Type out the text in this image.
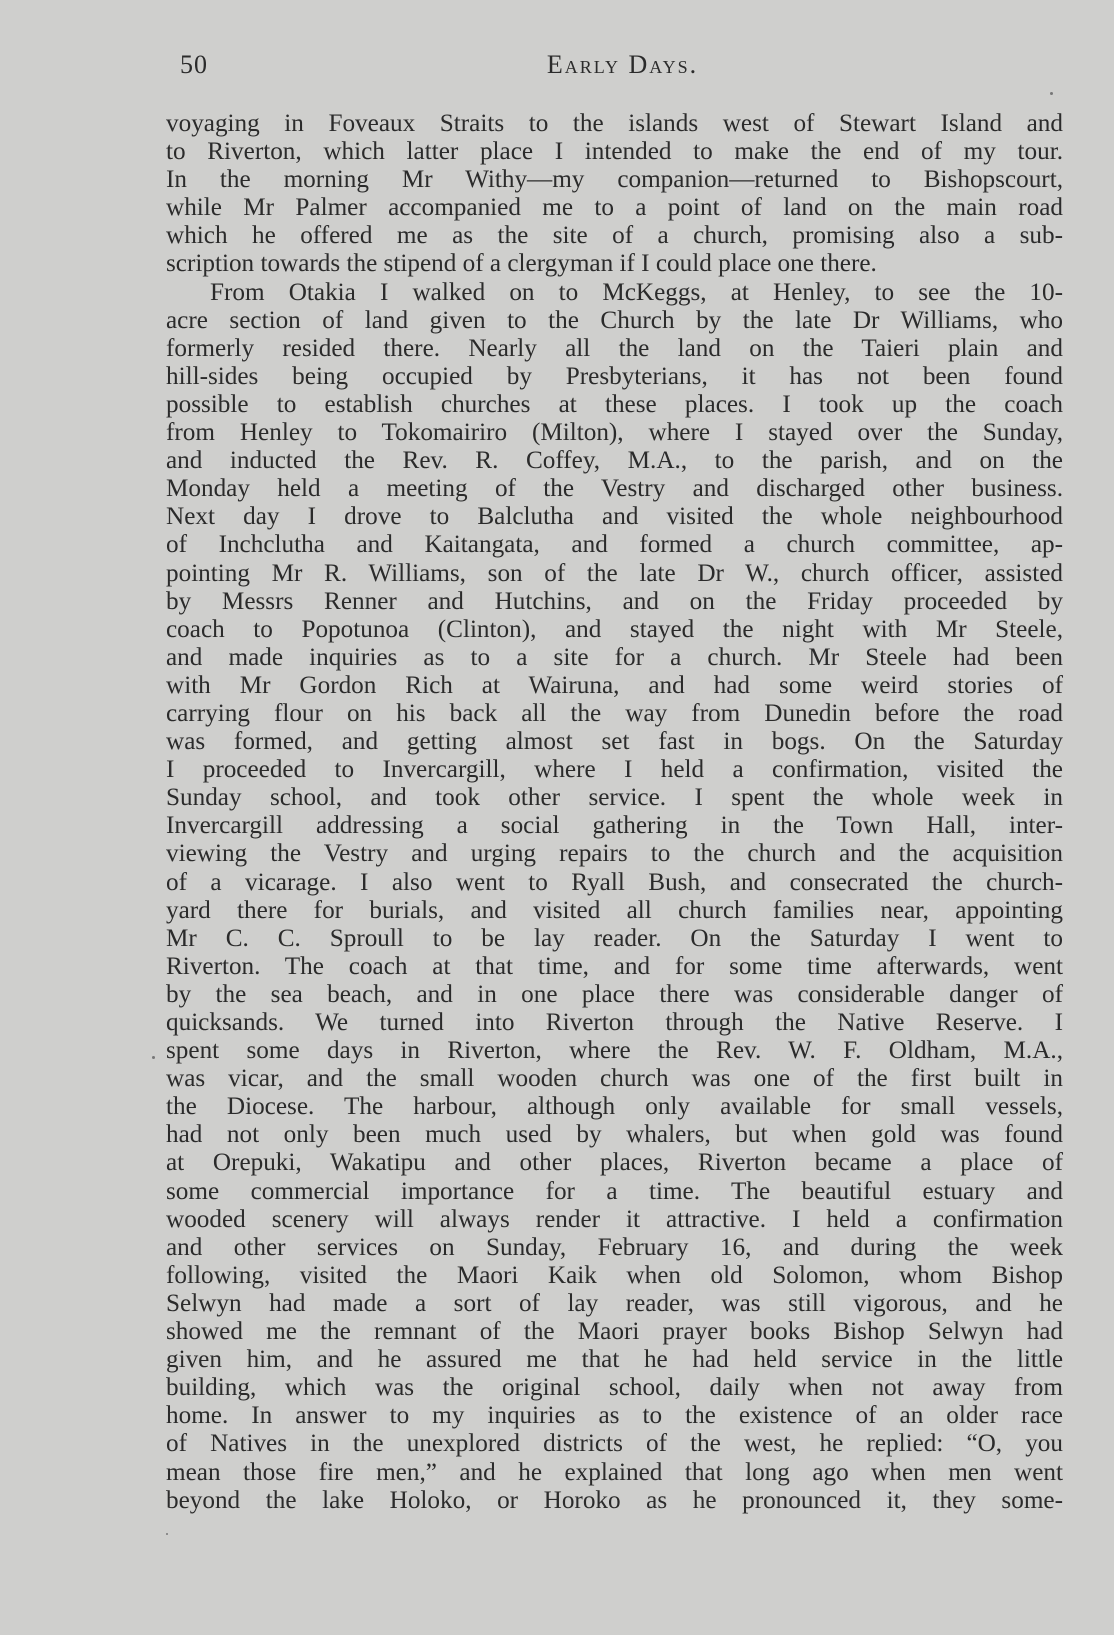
50	Early Days.
voyaging in Foveaux Straits to the islands west of Stewart Island and
to Riverton, which latter place I intended to make the end of my tour.
In the morning Mr Withy—my companion—returned to Bishopscourt,
while Mr Palmer accompanied me to a point of land on the main road
which he offered me as the site of a church, promising also a sub-
scription towards the stipend of a clergyman if I could place one there.
From Otakia I walked on to McKeggs, at Henley, to see the 10-
acre section of land given to the Church by the late Dr Williams, who
formerly resided there. Nearly all the land on the Taieri plain and
hill-sides being occupied by Presbyterians, it has not been found
possible to establish churches at these places. I took up the coach
from Henley to Tokomairiro (Milton), where I stayed over the Sunday,
and inducted the Rev. R. Coffey, M.A., to the parish, and on the
Monday held a meeting of the Vestry and discharged other business.
Next day I drove to Balclutha and visited the whole neighbourhood
of Inchclutha and Kaitangata, and formed a church committee, ap-
pointing Mr R. Williams, son of the late Dr W., church officer, assisted
by Messrs Renner and Hutchins, and on the Friday proceeded by
coach to Popotunoa (Clinton), and stayed the night with Mr Steele,
and made inquiries as to a site for a church. Mr Steele had been
with Mr Gordon Rich at Wairuna, and had some weird stories of
carrying flour on his back all the way from Dunedin before the road
was formed, and getting almost set fast in bogs. On the Saturday
I proceeded to Invercargill, where I held a confirmation, visited the
Sunday school, and took other service. I spent the whole week in
Invercargill addressing a social gathering in the Town Hall, inter-
viewing the Vestry and urging repairs to the church and the acquisition
of a vicarage. I also went to Ryall Bush, and consecrated the church-
yard there for burials, and visited all church families near, appointing
Mr C. C. Sproull to be lay reader. On the Saturday I went to
Riverton. The coach at that time, and for some time afterwards, went
by the sea beach, and in one place there was considerable danger of
quicksands. We turned into Riverton through the Native Reserve. I
spent some days in Riverton, where the Rev. W. F. Oldham, M.A.,
was vicar, and the small wooden church was one of the first built in
the Diocese. The harbour, although only available for small vessels,
had not only been much used by whalers, but when gold was found
at Orepuki, Wakatipu and other places, Riverton became a place of
some commercial importance for a time. The beautiful estuary and
wooded scenery will always render it attractive. I held a confirmation
and other services on Sunday, February 16, and during the week
following, visited the Maori Kaik when old Solomon, whom Bishop
Selwyn had made a sort of lay reader, was still vigorous, and he
showed me the remnant of the Maori prayer books Bishop Selwyn had
given him, and he assured me that he had held service in the little
building, which was the original school, daily when not away from
home. In answer to my inquiries as to the existence of an older race
of Natives in the unexplored districts of the west, he replied: “O, you
mean those fire men,” and he explained that long ago when men went
beyond the lake Holoko, or Horoko as he pronounced it, they some-
